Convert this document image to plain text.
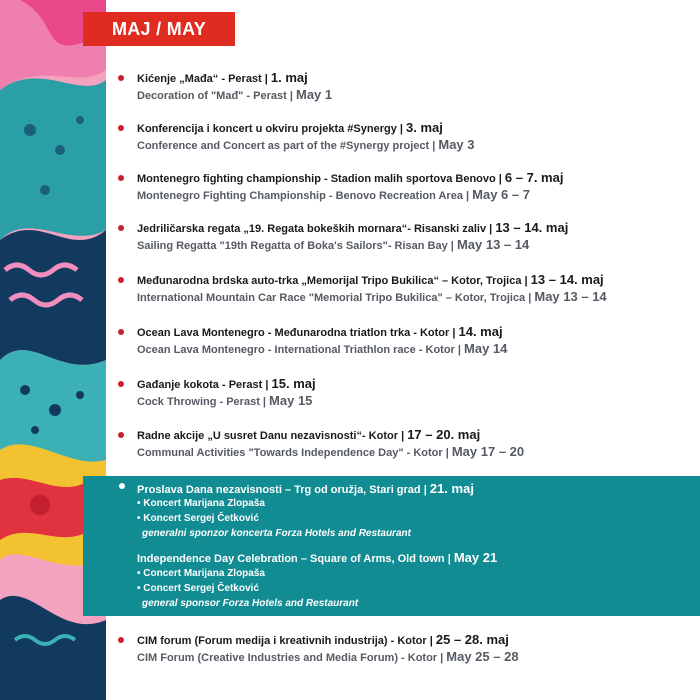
MAJ / MAY
Kićenje „Mađa“ - Perast | 1. maj
Decoration of "Mađ" - Perast | May 1
Konferencija i koncert u okviru projekta #Synergy | 3. maj
Conference and Concert as part of the #Synergy project | May 3
Montenegro fighting championship - Stadion malih sportova Benovo | 6 – 7. maj
Montenegro Fighting Championship - Benovo Recreation Area | May 6 – 7
Jedriličarska regata „19. Regata bokeških mornara“- Risanski zaliv | 13 – 14. maj
Sailing Regatta "19th Regatta of Boka's Sailors"- Risan Bay | May 13 – 14
Međunarodna brdska auto-trka „Memorijal Tripo Bukilica“ – Kotor, Trojica | 13 – 14. maj
International Mountain Car Race "Memorial Tripo Bukilica" – Kotor, Trojica | May 13 – 14
Ocean Lava Montenegro - Međunarodna triatlon trka - Kotor | 14. maj
Ocean Lava Montenegro - International Triathlon race - Kotor | May 14
Gađanje kokota - Perast | 15. maj
Cock Throwing - Perast | May 15
Radne akcije „U susret Danu nezavisnosti“- Kotor | 17 – 20. maj
Communal Activities "Towards Independence Day" - Kotor | May 17 – 20
Proslava Dana nezavisnosti – Trg od oružja, Stari grad | 21. maj
• Koncert Marijana Zlopaša
• Koncert Sergej Četković
generalni sponzor koncerta Forza Hotels and Restaurant
Independence Day Celebration – Square of Arms, Old town | May 21
• Concert Marijana Zlopaša
• Concert Sergej Četković
general sponsor Forza Hotels and Restaurant
CIM forum (Forum medija i kreativnih industrija) - Kotor | 25 – 28. maj
CIM Forum (Creative Industries and Media Forum) - Kotor | May 25 – 28
